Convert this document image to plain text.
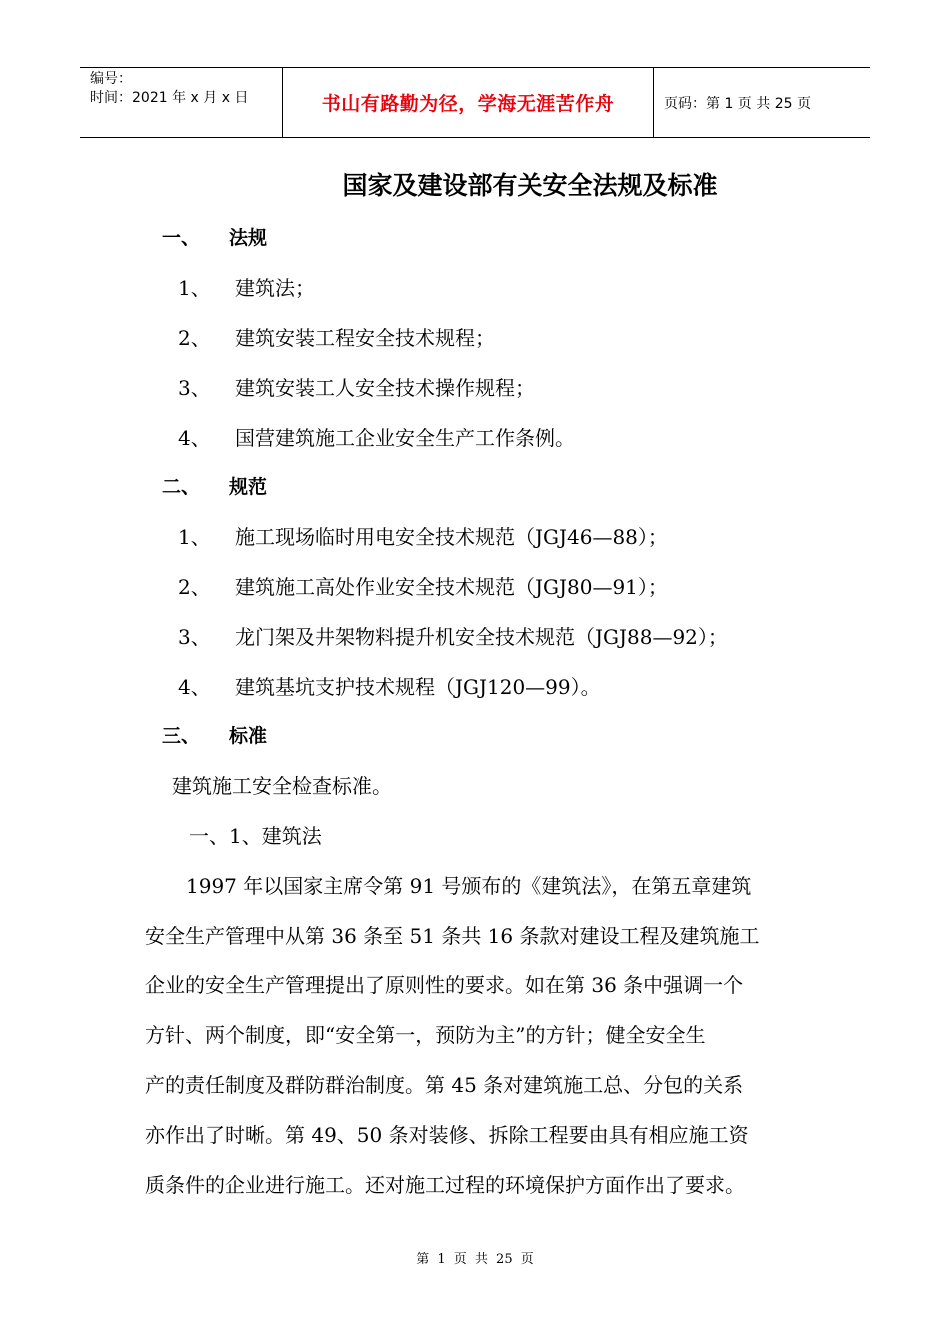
编号：
时间：2021 年 x 月 x 日	书山有路勤为径，学海无涯苦作舟	页码：第 1 页 共 25 页
国家及建设部有关安全法规及标准
一、 法规
1、 建筑法；
2、 建筑安装工程安全技术规程；
3、 建筑安装工人安全技术操作规程；
4、 国营建筑施工企业安全生产工作条例。
二、 规范
1、 施工现场临时用电安全技术规范（JGJ46—88）；
2、 建筑施工高处作业安全技术规范（JGJ80—91）；
3、 龙门架及井架物料提升机安全技术规范（JGJ88—92）；
4、 建筑基坑支护技术规程（JGJ120—99）。
三、 标准
建筑施工安全检查标准。
一、1、建筑法
1997 年以国家主席令第 91 号颁布的《建筑法》，在第五章建筑
安全生产管理中从第 36 条至 51 条共 16 条款对建设工程及建筑施工
企业的安全生产管理提出了原则性的要求。如在第 36 条中强调一个
方针、两个制度，即“安全第一，预防为主”的方针；健全安全生
产的责任制度及群防群治制度。第 45 条对建筑施工总、分包的关系
亦作出了时晰。第 49、50 条对装修、拆除工程要由具有相应施工资
质条件的企业进行施工。还对施工过程的环境保护方面作出了要求。
第 1 页 共 25 页
